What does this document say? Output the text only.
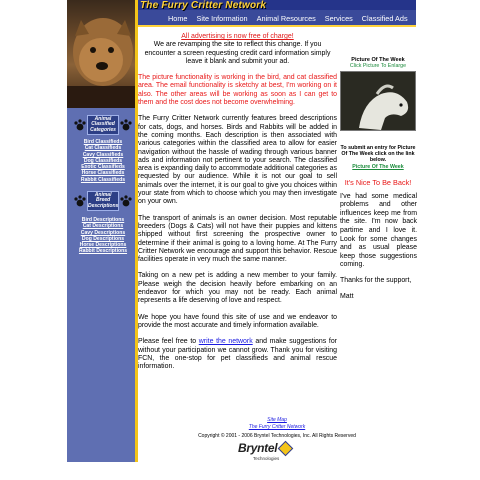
Animal Classified Categories
Bird Classifieds
Cat Classifieds
Cavy Classifieds
Dog Classifieds
Exotic Classifieds
Horse Classifieds
Rabbit Classifieds
Animal Breed Descriptions
Bird Descriptions
Cat Descriptions
Cavy Descriptions
Dog Descriptions
Horse Descriptions
Rabbit Descriptions
The Furry Critter Network
Home Site Information Animal Resources Services Classified Ads

All advertising is now free of charge!

We are revamping the site to reflect this change. If you encounter a screen requesting credit card information simply leave it blank and submit your ad.

The picture functionality is working in the bird, and cat classified area. The email functionality is sketchy at best, I'm working on it also. The other areas will be working as soon as I can get to them and the cost does not become overwhelming.

The Furry Critter Network currently features breed descriptions for cats, dogs, and horses. Birds and Rabbits will be added in the coming months. Each description is then associated with various categories within the classified area to allow for easier navigation without the hassle of wading through various banner ads and information not pertinent to your search. The classified area is expanding daily to accommodate additional categories as requested by our audience. While it is not our goal to sell animals over the internet, it is our goal to give you choices within your state from which to choose which you may then investigate on your own.

The transport of animals is an owner decision. Most reputable breeders (Dogs & Cats) will not have their puppies and kittens shipped without first screening the prospective owner to determine if their animal is going to a loving home. At The Furry Critter Network we encourage and support this behavior. Rescue facilities operate in very much the same manner.

Taking on a new pet is adding a new member to your family. Please weigh the decision heavily before embarking on an endeavor for which you may not be ready. Each animal represents a life deserving of love and respect.

We hope you have found this site of use and we endeavor to provide the most accurate and timely information available.

Please feel free to write the network and make suggestions for without your participation we cannot grow. Thank you for visiting FCN, the one-stop for pet classifieds and animal rescue information.

Picture Of The Week
Click Picture To Enlarge
To submit an entry for Picture Of The Week click on the link below.
Picture Of The Week
It's Nice To Be Back!

I've had some medical problems and other influences keep me from the site. I'm now back partime and I love it. Look for some changes and as usual please keep those suggestions coming.

Thanks for the support,

Matt

Site Map
The Furry Critter Network
Copyright © 2001 - 2006 Bryntel Technologies, Inc. All Rights Reserved
Bryntel
Technologies
